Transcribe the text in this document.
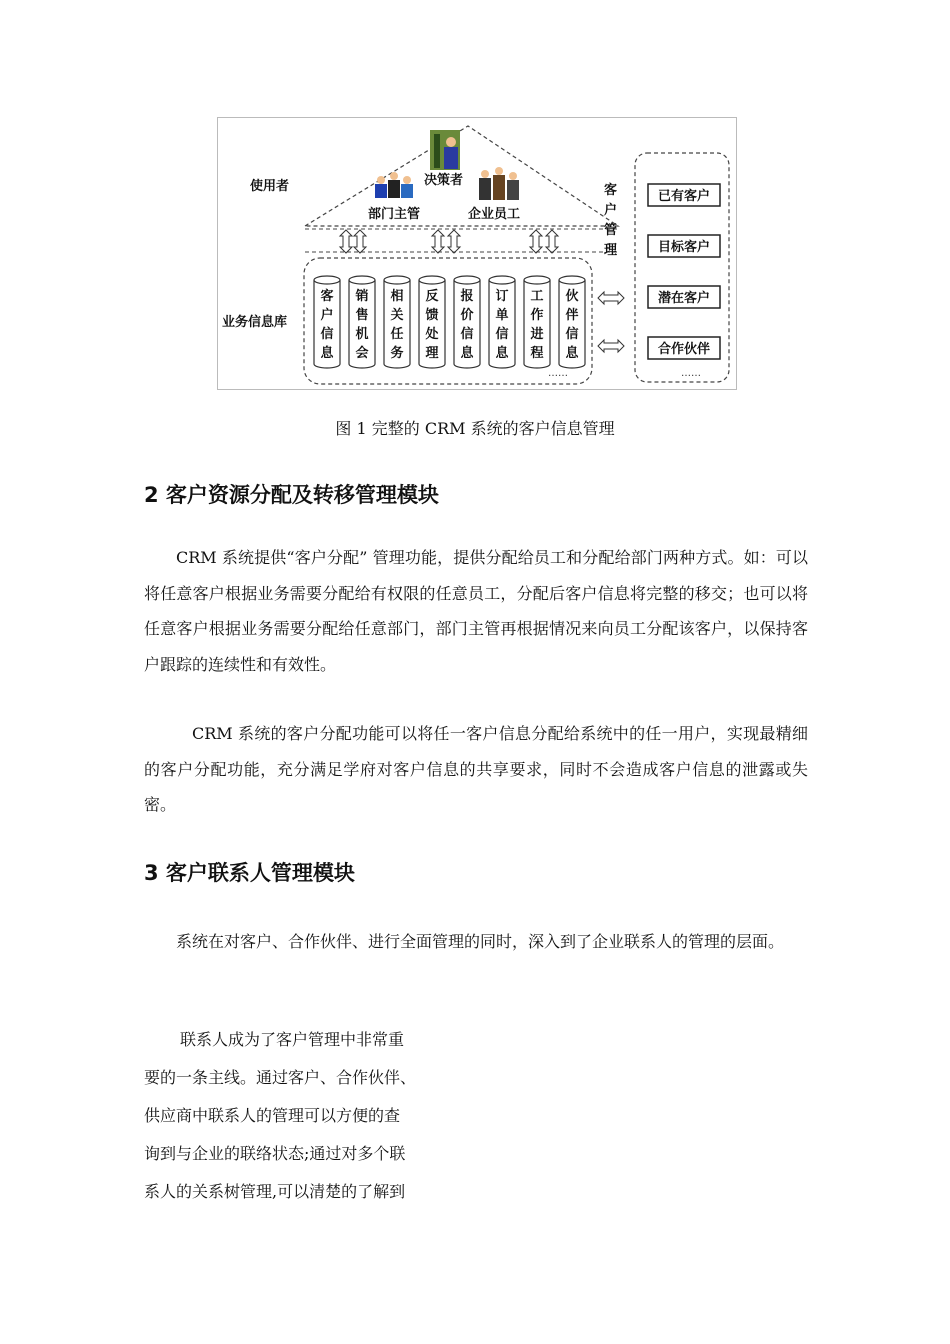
使用者
业务信息库
决策者
部门主管	企业员工
客
户
信
息
销
售
机
会
相
关
任
务
反
馈
处
理
报
价
信
息
订
单
信
息
工
作
进
程
伙
伴
信
息
……
客
户
管
理
已有客户
目标客户
潜在客户
合作伙伴
……
图 1 完整的 CRM 系统的客户信息管理
2 客户资源分配及转移管理模块

CRM 系统提供“客户分配” 管理功能，提供分配给员工和分配给部门两种方式。如：可以将任意客户根据业务需要分配给有权限的任意员工，分配后客户信息将完整的移交；也可以将任意客户根据业务需要分配给任意部门，部门主管再根据情况来向员工分配该客户，以保持客户跟踪的连续性和有效性。

CRM 系统的客户分配功能可以将任一客户信息分配给系统中的任一用户，实现最精细的客户分配功能，充分满足学府对客户信息的共享要求，同时不会造成客户信息的泄露或失密。

3 客户联系人管理模块

系统在对客户、合作伙伴、进行全面管理的同时，深入到了企业联系人的管理的层面。

联系人成为了客户管理中非常重
要的一条主线。通过客户、合作伙伴、
供应商中联系人的管理可以方便的查
询到与企业的联络状态;通过对多个联
系人的关系树管理,可以清楚的了解到
